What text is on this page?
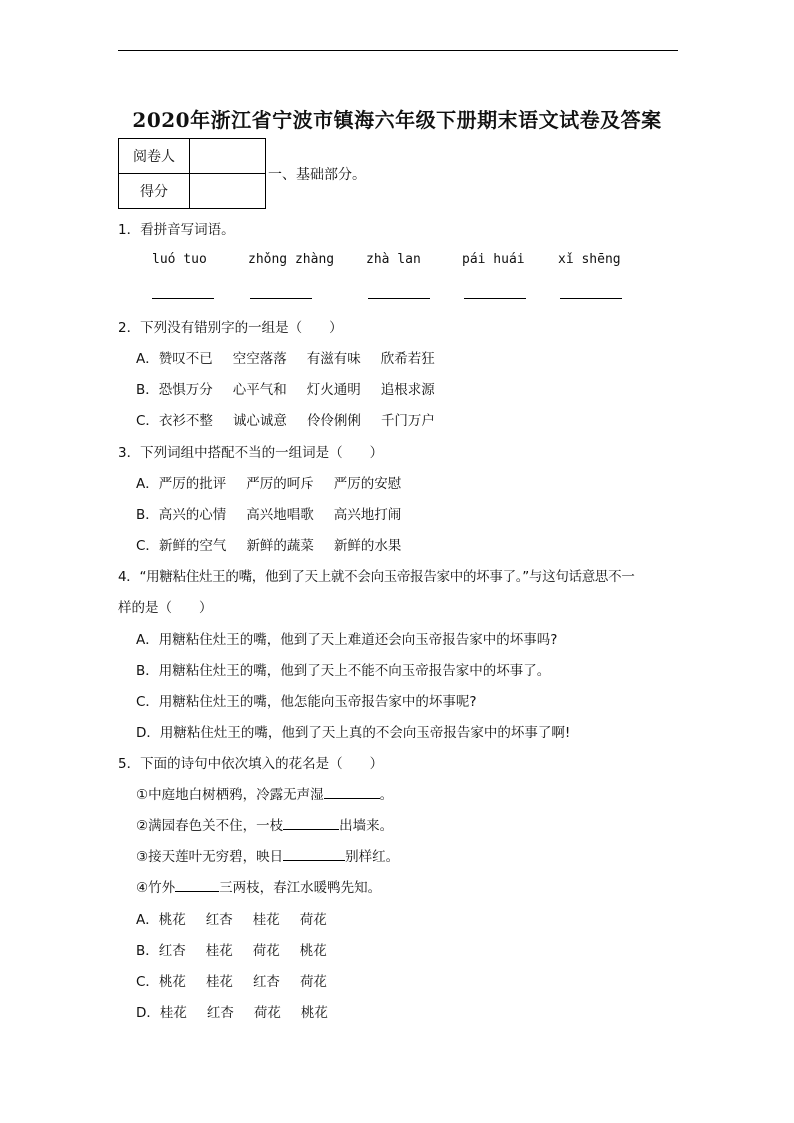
2020年浙江省宁波市镇海六年级下册期末语文试卷及答案
阅卷人	
得分	
一、基础部分。
1．看拼音写词语。
luó tuo	zhǒng zhàng zhà lan	pái huái	xǐ shēng
2．下列没有错别字的一组是（　　）
A．赞叹不已 空空落落 有滋有味 欣希若狂
B．恐惧万分 心平气和 灯火通明 追根求源
C．衣衫不整 诚心诚意 伶伶俐俐 千门万户
3．下列词组中搭配不当的一组词是（　　）
A．严厉的批评 严厉的呵斥 严厉的安慰
B．高兴的心情 高兴地唱歌 高兴地打闹
C．新鲜的空气 新鲜的蔬菜 新鲜的水果
4．“用糖粘住灶王的嘴，他到了天上就不会向玉帝报告家中的坏事了。”与这句话意思不一
样的是（　　）
A．用糖粘住灶王的嘴，他到了天上难道还会向玉帝报告家中的坏事吗?
B．用糖粘住灶王的嘴，他到了天上不能不向玉帝报告家中的坏事了。
C．用糖粘住灶王的嘴，他怎能向玉帝报告家中的坏事呢?
D．用糖粘住灶王的嘴，他到了天上真的不会向玉帝报告家中的坏事了啊!
5．下面的诗句中依次填入的花名是（　　）
①中庭地白树栖鸦，冷露无声湿	。
②满园春色关不住，一枝	出墙来。
③接天莲叶无穷碧，映日	别样红。
④竹外	三两枝，春江水暖鸭先知。
A．桃花 红杏 桂花 荷花
B．红杏 桂花 荷花 桃花
C．桃花 桂花 红杏 荷花
D．桂花 红杏 荷花 桃花
